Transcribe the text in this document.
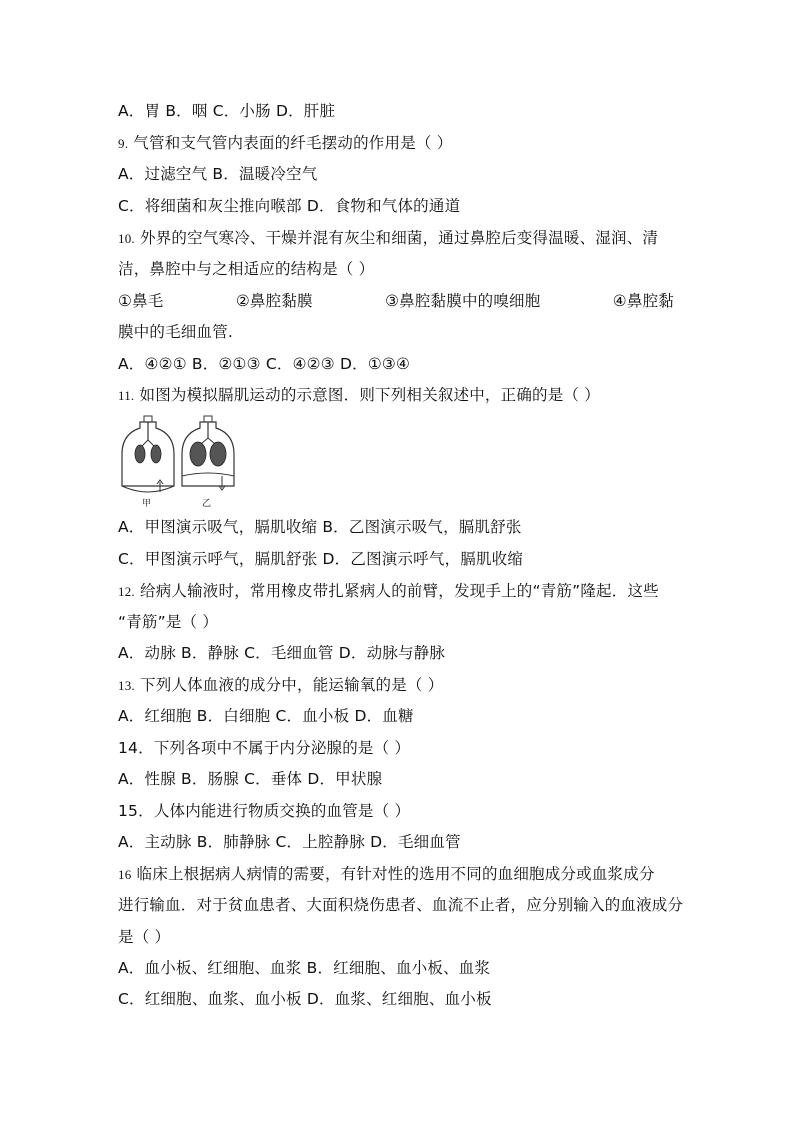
A．胃 B．咽 C．小肠 D．肝脏
9. 气管和支气管内表面的纤毛摆动的作用是（ ）
A．过滤空气 B．温暖冷空气
C．将细菌和灰尘推向喉部 D．食物和气体的通道
10. 外界的空气寒冷、干燥并混有灰尘和细菌，通过鼻腔后变得温暖、湿润、清
洁，鼻腔中与之相适应的结构是（ ）
①鼻毛	②鼻腔黏膜	③鼻腔黏膜中的嗅细胞	④鼻腔黏
膜中的毛细血管.
A．④②① B．②①③ C．④②③ D．①③④
11. 如图为模拟膈肌运动的示意图．则下列相关叙述中，正确的是（ ）
甲	乙
A．甲图演示吸气，膈肌收缩 B．乙图演示吸气，膈肌舒张
C．甲图演示呼气，膈肌舒张 D．乙图演示呼气，膈肌收缩
12. 给病人输液时，常用橡皮带扎紧病人的前臂，发现手上的“青筋”隆起．这些
“青筋”是（ ）
A．动脉 B．静脉 C．毛细血管 D．动脉与静脉
13. 下列人体血液的成分中，能运输氧的是（ ）
A．红细胞 B．白细胞 C．血小板 D．血糖
14．下列各项中不属于内分泌腺的是（ ）
A．性腺 B．肠腺 C．垂体 D．甲状腺
15．人体内能进行物质交换的血管是（ ）
A．主动脉 B．肺静脉 C．上腔静脉 D．毛细血管
16 临床上根据病人病情的需要，有针对性的选用不同的血细胞成分或血浆成分
进行输血．对于贫血患者、大面积烧伤患者、血流不止者，应分别输入的血液成分
是（ ）
A．血小板、红细胞、血浆 B．红细胞、血小板、血浆
C．红细胞、血浆、血小板 D．血浆、红细胞、血小板
